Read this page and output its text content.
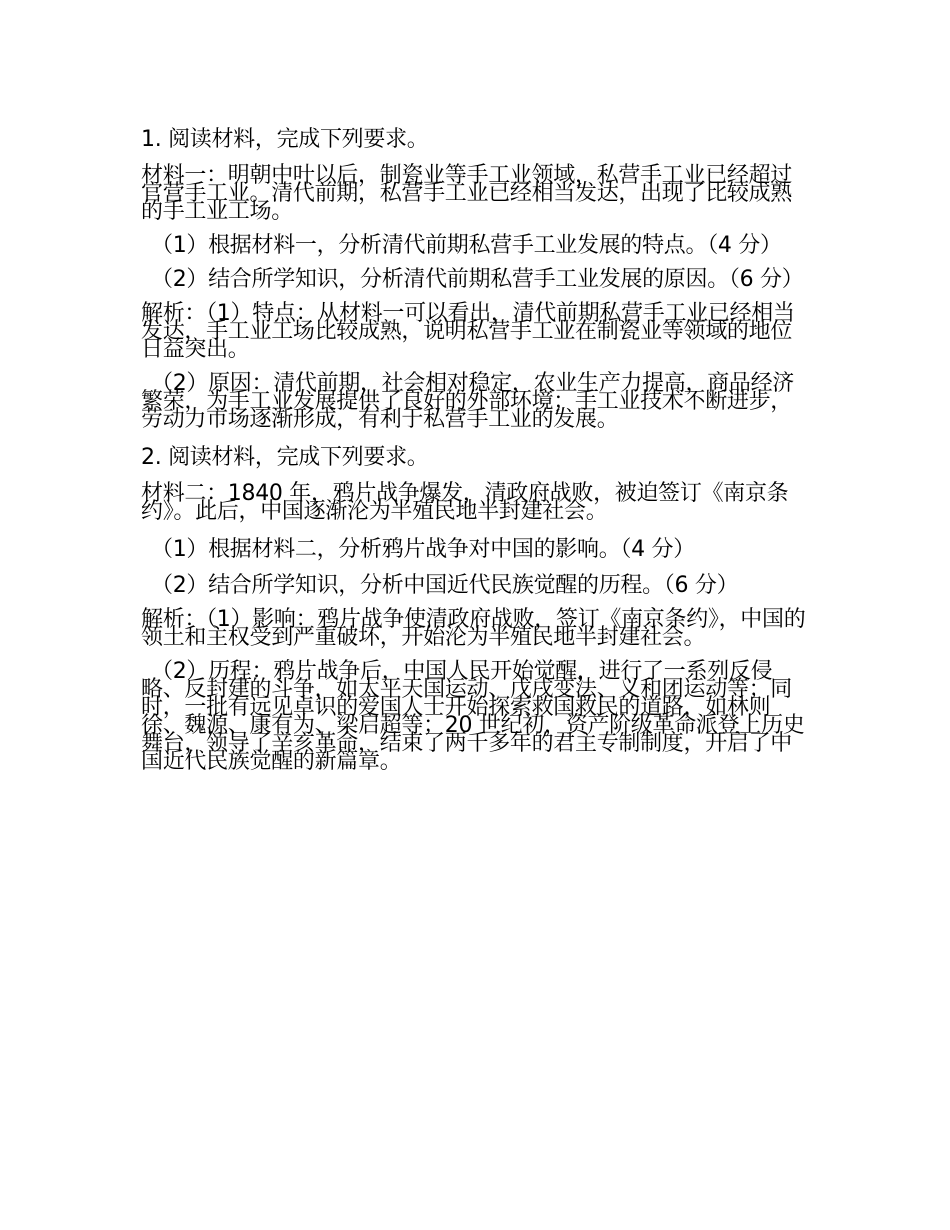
1. 阅读材料，完成下列要求。

材料一：明朝中叶以后，制瓷业等手工业领域，私营手工业已经超过官营手工业。清代前期，私营手工业已经相当发达，出现了比较成熟的手工业工场。

（1）根据材料一，分析清代前期私营手工业发展的特点。（4 分）

（2）结合所学知识，分析清代前期私营手工业发展的原因。（6 分）

解析：（1）特点：从材料一可以看出，清代前期私营手工业已经相当发达，手工业工场比较成熟，说明私营手工业在制瓷业等领域的地位日益突出。

（2）原因：清代前期，社会相对稳定，农业生产力提高，商品经济繁荣，为手工业发展提供了良好的外部环境；手工业技术不断进步，劳动力市场逐渐形成，有利于私营手工业的发展。

2. 阅读材料，完成下列要求。

材料二：1840 年，鸦片战争爆发，清政府战败，被迫签订《南京条约》。此后，中国逐渐沦为半殖民地半封建社会。

（1）根据材料二，分析鸦片战争对中国的影响。（4 分）

（2）结合所学知识，分析中国近代民族觉醒的历程。（6 分）

解析：（1）影响：鸦片战争使清政府战败，签订《南京条约》，中国的领土和主权受到严重破坏，开始沦为半殖民地半封建社会。

（2）历程：鸦片战争后，中国人民开始觉醒，进行了一系列反侵略、反封建的斗争，如太平天国运动、戊戌变法、义和团运动等；同时，一批有远见卓识的爱国人士开始探索救国救民的道路，如林则徐、魏源、康有为、梁启超等；20 世纪初，资产阶级革命派登上历史舞台，领导了辛亥革命，结束了两千多年的君主专制制度，开启了中国近代民族觉醒的新篇章。
